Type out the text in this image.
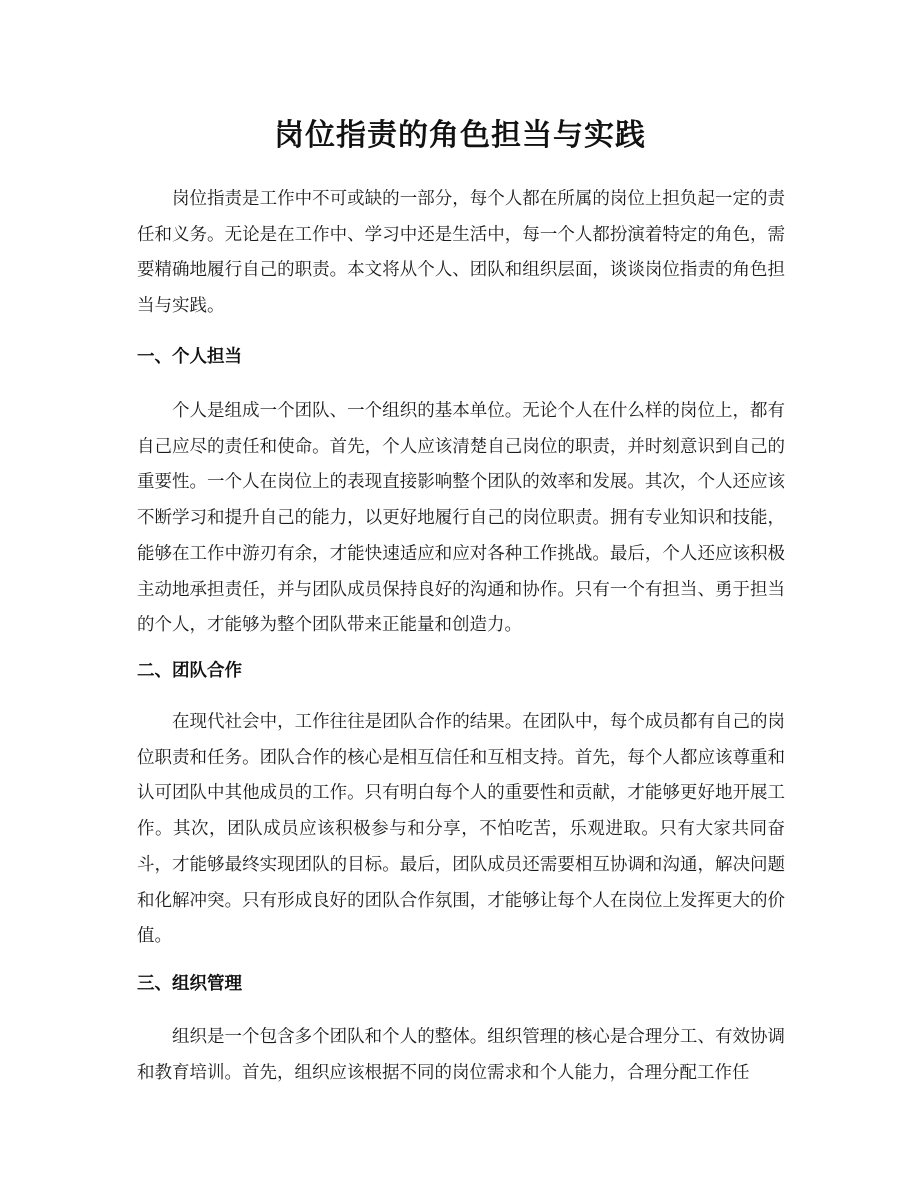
岗位指责的角色担当与实践

岗位指责是工作中不可或缺的一部分，每个人都在所属的岗位上担负起一定的责任和义务。无论是在工作中、学习中还是生活中，每一个人都扮演着特定的角色，需要精确地履行自己的职责。本文将从个人、团队和组织层面，谈谈岗位指责的角色担当与实践。

一、个人担当

个人是组成一个团队、一个组织的基本单位。无论个人在什么样的岗位上，都有自己应尽的责任和使命。首先，个人应该清楚自己岗位的职责，并时刻意识到自己的重要性。一个人在岗位上的表现直接影响整个团队的效率和发展。其次，个人还应该不断学习和提升自己的能力，以更好地履行自己的岗位职责。拥有专业知识和技能，能够在工作中游刃有余，才能快速适应和应对各种工作挑战。最后，个人还应该积极主动地承担责任，并与团队成员保持良好的沟通和协作。只有一个有担当、勇于担当的个人，才能够为整个团队带来正能量和创造力。

二、团队合作

在现代社会中，工作往往是团队合作的结果。在团队中，每个成员都有自己的岗位职责和任务。团队合作的核心是相互信任和互相支持。首先，每个人都应该尊重和认可团队中其他成员的工作。只有明白每个人的重要性和贡献，才能够更好地开展工作。其次，团队成员应该积极参与和分享，不怕吃苦，乐观进取。只有大家共同奋斗，才能够最终实现团队的目标。最后，团队成员还需要相互协调和沟通，解决问题和化解冲突。只有形成良好的团队合作氛围，才能够让每个人在岗位上发挥更大的价值。

三、组织管理

组织是一个包含多个团队和个人的整体。组织管理的核心是合理分工、有效协调和教育培训。首先，组织应该根据不同的岗位需求和个人能力，合理分配工作任
